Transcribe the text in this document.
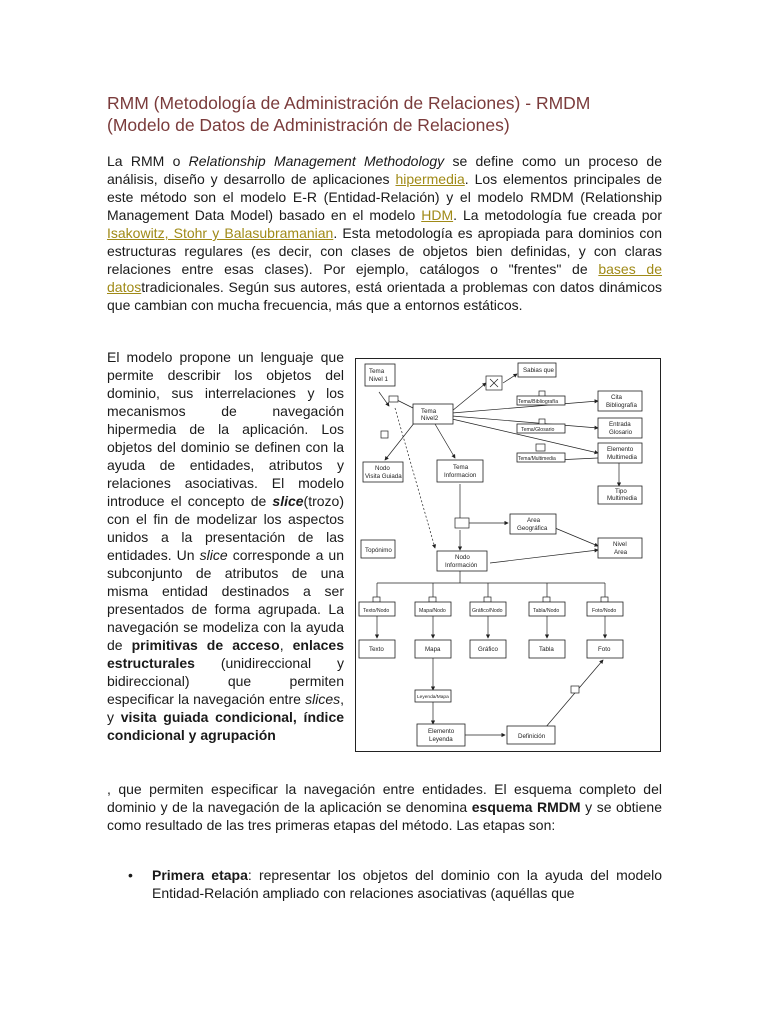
RMM (Metodología de Administración de Relaciones) - RMDM
(Modelo de Datos de Administración de Relaciones)

La RMM o Relationship Management Methodology se define como un proceso de análisis, diseño y desarrollo de aplicaciones hipermedia. Los elementos principales de este método son el modelo E-R (Entidad-Relación) y el modelo RMDM (Relationship Management Data Model) basado en el modelo HDM. La metodología fue creada por Isakowitz, Stohr y Balasubramanian. Esta metodología es apropiada para dominios con estructuras regulares (es decir, con clases de objetos bien definidas, y con claras relaciones entre esas clases). Por ejemplo, catálogos o "frentes" de bases de datostradicionales. Según sus autores, está orientada a problemas con datos dinámicos que cambian con mucha frecuencia, más que a entornos estáticos.

El modelo propone un lenguaje que permite describir los objetos del dominio, sus interrelaciones y los mecanismos de navegación hipermedia de la aplicación. Los objetos del dominio se definen con la ayuda de entidades, atributos y relaciones asociativas. El modelo introduce el concepto de slice(trozo) con el fin de modelizar los aspectos unidos a la presentación de las entidades. Un slice corresponde a un subconjunto de atributos de una misma entidad destinados a ser presentados de forma agrupada. La navegación se modeliza con la ayuda de primitivas de acceso, enlaces estructurales (unidireccional y bidireccional) que permiten especificar la navegación entre slices, y visita guiada condicional, índice condicional y agrupación

, que permiten especificar la navegación entre entidades. El esquema completo del dominio y de la navegación de la aplicación se denomina esquema RMDM y se obtiene como resultado de las tres primeras etapas del método. Las etapas son:

• Primera etapa: representar los objetos del dominio con la ayuda del modelo Entidad-Relación ampliado con relaciones asociativas (aquéllas que

Tema
Nivel 1
Tema
Nivel2
Sabias que
Tema/Bibliografía
Cita
Bibliografía
Tema/Glosario
Entrada
Glosario
Tema/Multimedia
Elemento
Multimedia
Tipo
Multimedia
Nodo
Visita Guiada
Tema
Informacion
Area
Geográfica
Nivel
Area
Topónimo
Nodo
Información
Texto/Nodo	Mapa/Nodo	Gráfico/Nodo	Tabla/Nodo	Foto/Nodo
Texto	Mapa	Gráfico	Tabla	Foto
Leyenda/Mapa
Elemento
Leyenda	Definición
